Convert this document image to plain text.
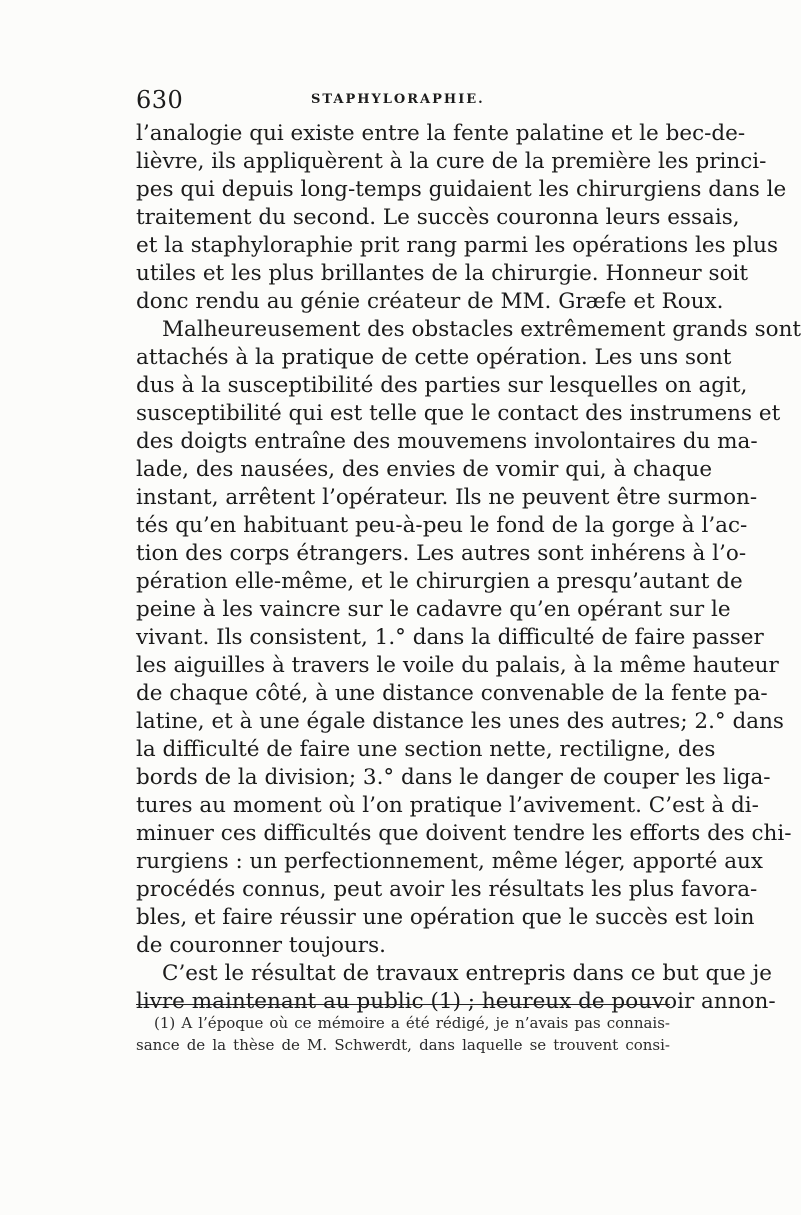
630	STAPHYLORAPHIE.
l’analogie qui existe entre la fente palatine et le bec-de-
lièvre, ils appliquèrent à la cure de la première les princi-
pes qui depuis long-temps guidaient les chirurgiens dans le
traitement du second. Le succès couronna leurs essais,
et la staphyloraphie prit rang parmi les opérations les plus
utiles et les plus brillantes de la chirurgie. Honneur soit
donc rendu au génie créateur de MM. Græfe et Roux.
Malheureusement des obstacles extrêmement grands sont
attachés à la pratique de cette opération. Les uns sont
dus à la susceptibilité des parties sur lesquelles on agit,
susceptibilité qui est telle que le contact des instrumens et
des doigts entraîne des mouvemens involontaires du ma-
lade, des nausées, des envies de vomir qui, à chaque
instant, arrêtent l’opérateur. Ils ne peuvent être surmon-
tés qu’en habituant peu-à-peu le fond de la gorge à l’ac-
tion des corps étrangers. Les autres sont inhérens à l’o-
pération elle-même, et le chirurgien a presqu’autant de
peine à les vaincre sur le cadavre qu’en opérant sur le
vivant. Ils consistent, 1.° dans la difficulté de faire passer
les aiguilles à travers le voile du palais, à la même hauteur
de chaque côté, à une distance convenable de la fente pa-
latine, et à une égale distance les unes des autres; 2.° dans
la difficulté de faire une section nette, rectiligne, des
bords de la division; 3.° dans le danger de couper les liga-
tures au moment où l’on pratique l’avivement. C’est à di-
minuer ces difficultés que doivent tendre les efforts des chi-
rurgiens : un perfectionnement, même léger, apporté aux
procédés connus, peut avoir les résultats les plus favora-
bles, et faire réussir une opération que le succès est loin
de couronner toujours.
C’est le résultat de travaux entrepris dans ce but que je
livre maintenant au public (1) ; heureux de pouvoir annon-
(1) A l’époque où ce mémoire a été rédigé, je n’avais pas connais-
sance de la thèse de M. Schwerdt, dans laquelle se trouvent consi-
